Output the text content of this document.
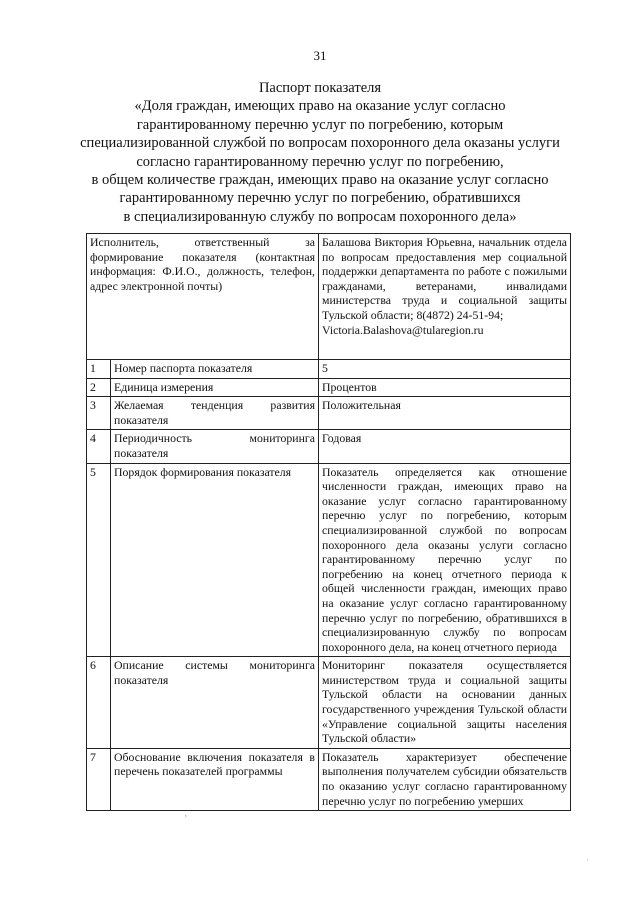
31
Паспорт показателя
«Доля граждан, имеющих право на оказание услуг согласно
гарантированному перечню услуг по погребению, которым
специализированной службой по вопросам похоронного дела оказаны услуги
согласно гарантированному перечню услуг по погребению,
в общем количестве граждан, имеющих право на оказание услуг согласно
гарантированному перечню услуг по погребению, обратившихся
в специализированную службу по вопросам похоронного дела»
Исполнитель, ответственный за формирование показателя (контактная информация: Ф.И.О., должность, телефон, адрес электронной почты)		Балашова Виктория Юрьевна, начальник отдела по вопросам предоставления мер социальной поддержки департамента по работе с пожилыми гражданами, ветеранами, инвалидами министерства труда и социальной защиты Тульской области; 8(4872) 24-51-94;
Victoria.Balashova@tularegion.ru

1	Номер паспорта показателя	5
2	Единица измерения	Процентов
3	Желаемая тенденция развития показателя	Положительная
4	Периодичность мониторинга показателя	Годовая
5	Порядок формирования показателя	Показатель определяется как отношение численности граждан, имеющих право на оказание услуг согласно гарантированному перечню услуг по погребению, которым специализированной службой по вопросам похоронного дела оказаны услуги согласно гарантированному перечню услуг по погребению на конец отчетного периода к общей численности граждан, имеющих право на оказание услуг согласно гарантированному перечню услуг по погребению, обратившихся в специализированную службу по вопросам похоронного дела, на конец отчетного периода
6	Описание системы мониторинга показателя	Мониторинг показателя осуществляется министерством труда и социальной защиты Тульской области на основании данных государственного учреждения Тульской области «Управление социальной защиты населения Тульской области»
7	Обоснование включения показателя в перечень показателей программы	Показатель характеризует обеспечение выполнения получателем субсидии обязательств по оказанию услуг согласно гарантированному перечню услуг по погребению умерших
ʼ
ˈ
